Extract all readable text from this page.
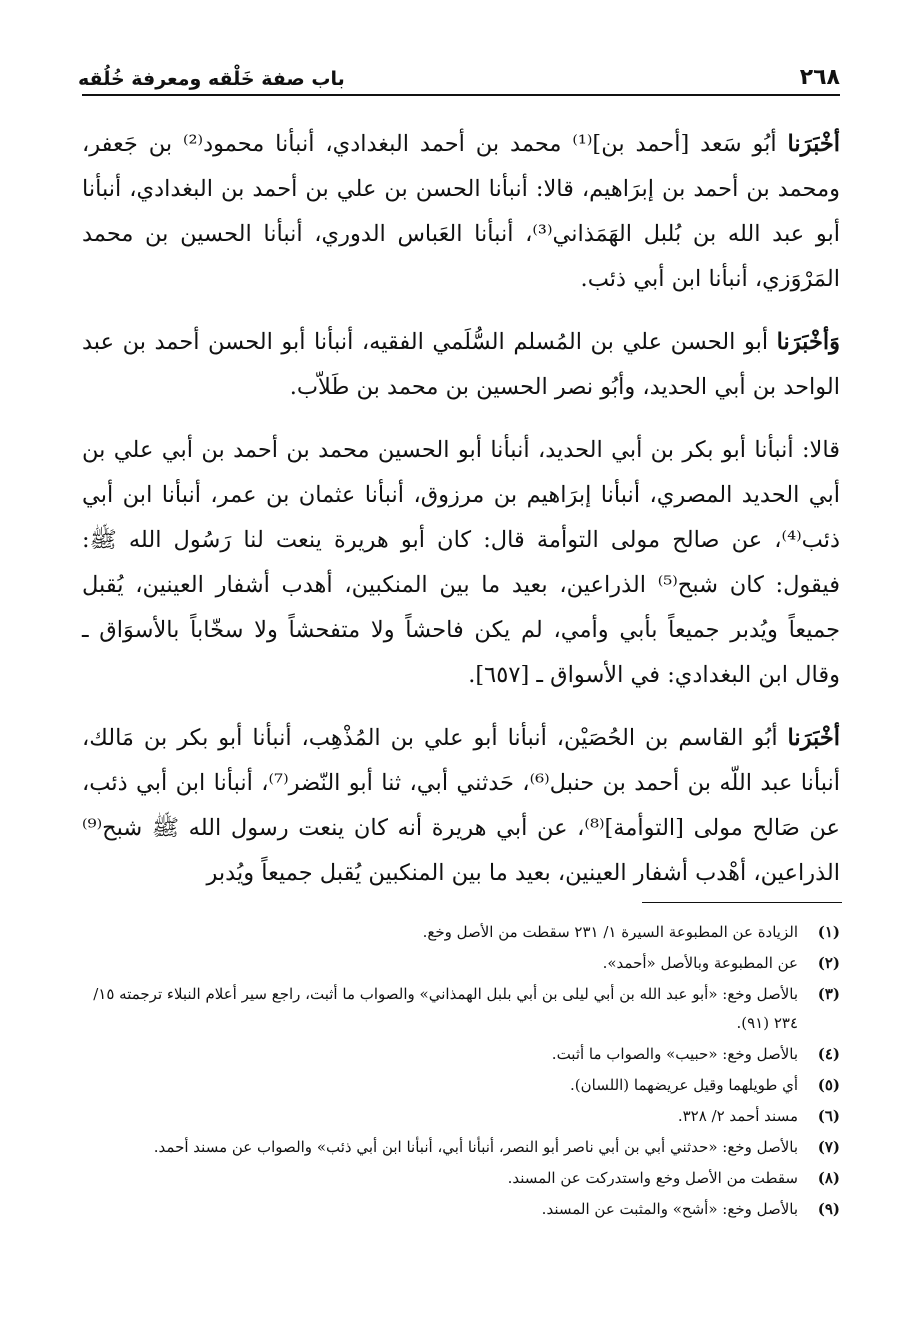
٢٦٨
باب صفة خَلْقه ومعرفة خُلُقه

أخْبَرَنا أبُو سَعد [أحمد بن]⁽¹⁾ محمد بن أحمد البغدادي، أنبأنا محمود⁽²⁾ بن جَعفر، ومحمد بن أحمد بن إبرَاهيم، قالا: أنبأنا الحسن بن علي بن أحمد بن البغدادي، أنبأنا أبو عبد الله بن بُلبل الهَمَذاني⁽³⁾، أنبأنا العَباس الدوري، أنبأنا الحسين بن محمد المَرْوَزي، أنبأنا ابن أبي ذئب.

وَأخْبَرَنا أبو الحسن علي بن المُسلم السُّلَمي الفقيه، أنبأنا أبو الحسن أحمد بن عبد الواحد بن أبي الحديد، وأبُو نصر الحسين بن محمد بن طَلاّب.

قالا: أنبأنا أبو بكر بن أبي الحديد، أنبأنا أبو الحسين محمد بن أحمد بن أبي علي بن أبي الحديد المصري، أنبأنا إبرَاهيم بن مرزوق، أنبأنا عثمان بن عمر، أنبأنا ابن أبي ذئب⁽⁴⁾، عن صالح مولى التوأمة قال: كان أبو هريرة ينعت لنا رَسُول الله ﷺ: فيقول: كان شبح⁽⁵⁾ الذراعين، بعيد ما بين المنكبين، أهدب أشفار العينين، يُقبل جميعاً ويُدبر جميعاً بأبي وأمي، لم يكن فاحشاً ولا متفحشاً ولا سخّاباً بالأسوَاق ـ وقال ابن البغدادي: في الأسواق ـ [٦٥٧].

أخْبَرَنا أبُو القاسم بن الحُصَيْن، أنبأنا أبو علي بن المُذْهِب، أنبأنا أبو بكر بن مَالك، أنبأنا عبد اللّه بن أحمد بن حنبل⁽⁶⁾، حَدثني أبي، ثنا أبو النّضر⁽⁷⁾، أنبأنا ابن أبي ذئب، عن صَالح مولى [التوأمة]⁽⁸⁾، عن أبي هريرة أنه كان ينعت رسول الله ﷺ شبح⁽⁹⁾ الذراعين، أهْدب أشفار العينين، بعيد ما بين المنكبين يُقبل جميعاً ويُدبر

(١)
الزيادة عن المطبوعة السيرة ١/ ٢٣١ سقطت من الأصل وخع.
(٢)
عن المطبوعة وبالأصل «أحمد».
(٣)
بالأصل وخع: «أبو عبد الله بن أبي ليلى بن أبي بلبل الهمذاني» والصواب ما أثبت، راجع سير أعلام النبلاء ترجمته ١٥/ ٢٣٤ (٩١).
(٤)
بالأصل وخع: «حبيب» والصواب ما أثبت.
(٥)
أي طويلهما وقيل عريضهما (اللسان).
(٦)
مسند أحمد ٢/ ٣٢٨.
(٧)
بالأصل وخع: «حدثني أبي بن أبي ناصر أبو النصر، أنبأنا أبي، أنبأنا ابن أبي ذئب» والصواب عن مسند أحمد.
(٨)
سقطت من الأصل وخع واستدركت عن المسند.
(٩)
بالأصل وخع: «أشح» والمثبت عن المسند.
